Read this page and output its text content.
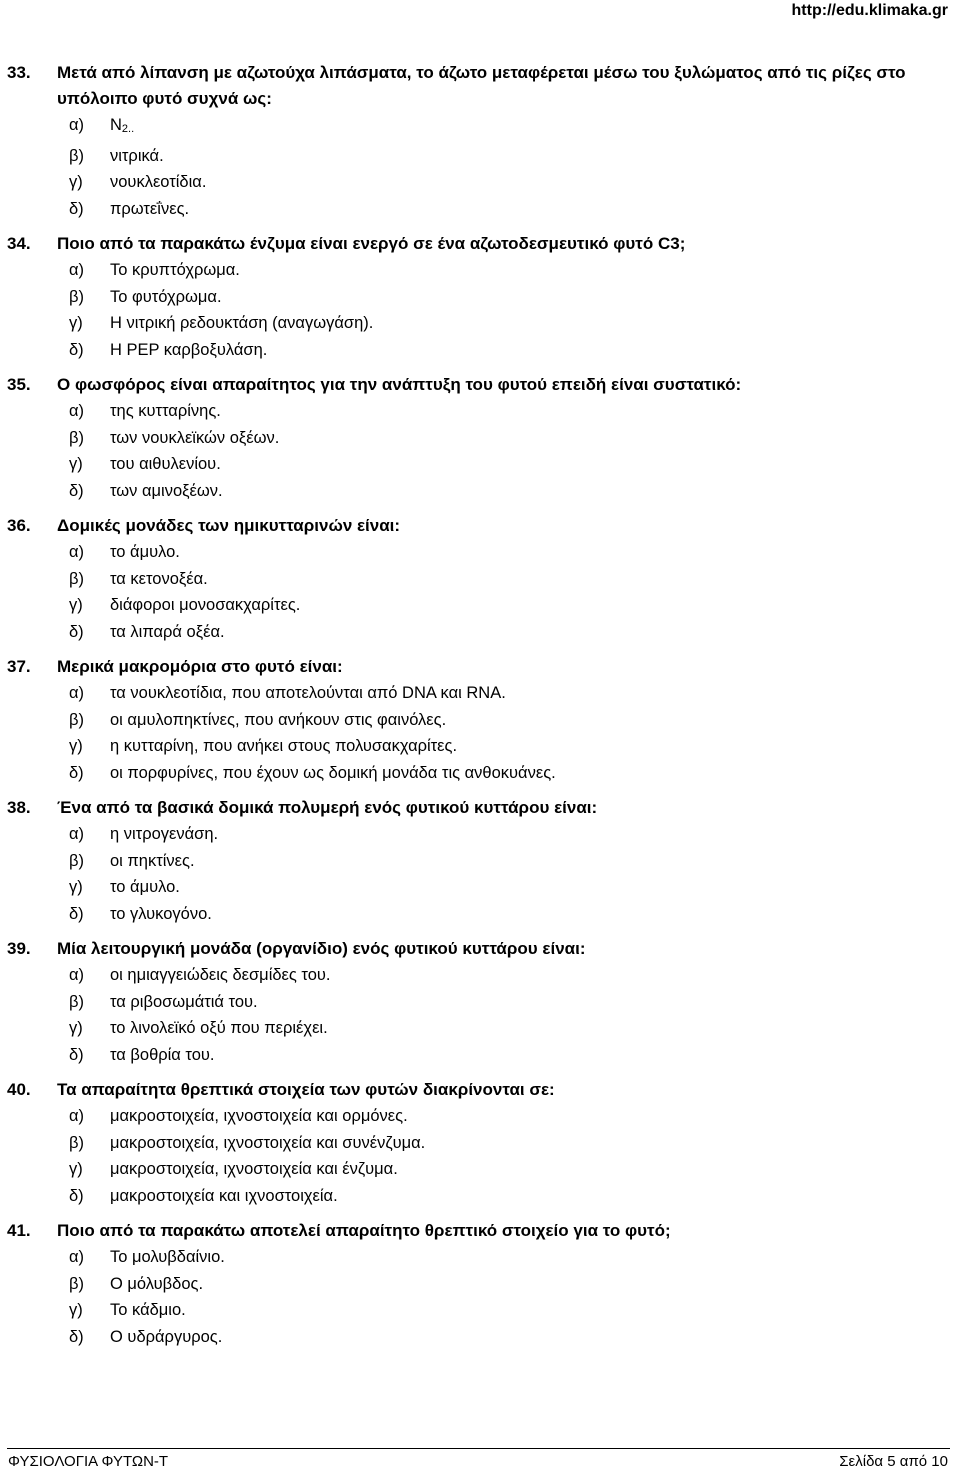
http://edu.klimaka.gr
33.	Μετά από λίπανση με αζωτούχα λιπάσματα, το άζωτο μεταφέρεται μέσω του ξυλώματος από τις ρίζες στο υπόλοιπο φυτό συχνά ως:
α)	N2..
β)	νιτρικά.
γ)	νουκλεοτίδια.
δ)	πρωτεΐνες.
34.	Ποιο από τα παρακάτω ένζυμα είναι ενεργό σε ένα αζωτοδεσμευτικό φυτό C3;
α)	Το κρυπτόχρωμα.
β)	Το φυτόχρωμα.
γ)	Η νιτρική ρεδουκτάση (αναγωγάση).
δ)	Η PEP καρβοξυλάση.
35.	Ο φωσφόρος είναι απαραίτητος για την ανάπτυξη του φυτού επειδή είναι συστατικό:
α)	της κυτταρίνης.
β)	των νουκλεϊκών οξέων.
γ)	του αιθυλενίου.
δ)	των αμινοξέων.
36.	Δομικές μονάδες των ημικυτταρινών είναι:
α)	το άμυλο.
β)	τα κετονοξέα.
γ)	διάφοροι μονοσακχαρίτες.
δ)	τα λιπαρά οξέα.
37.	Μερικά μακρομόρια στο φυτό είναι:
α)	τα νουκλεοτίδια, που αποτελούνται από DNA και RNA.
β)	οι αμυλοπηκτίνες, που ανήκουν στις φαινόλες.
γ)	η κυτταρίνη, που ανήκει στους πολυσακχαρίτες.
δ)	οι πορφυρίνες, που έχουν ως δομική μονάδα τις ανθοκυάνες.
38.	Ένα από τα βασικά δομικά πολυμερή ενός φυτικού κυττάρου είναι:
α)	η νιτρογενάση.
β)	οι πηκτίνες.
γ)	το άμυλο.
δ)	το γλυκογόνο.
39.	Μία λειτουργική μονάδα (οργανίδιο) ενός φυτικού κυττάρου είναι:
α)	οι ημιαγγειώδεις δεσμίδες του.
β)	τα ριβοσωμάτιά του.
γ)	το λινολεϊκό οξύ που περιέχει.
δ)	τα βοθρία του.
40.	Τα απαραίτητα θρεπτικά στοιχεία των φυτών διακρίνονται σε:
α)	μακροστοιχεία, ιχνοστοιχεία και ορμόνες.
β)	μακροστοιχεία, ιχνοστοιχεία και συνένζυμα.
γ)	μακροστοιχεία, ιχνοστοιχεία και ένζυμα.
δ)	μακροστοιχεία και ιχνοστοιχεία.
41.	Ποιο από τα παρακάτω αποτελεί απαραίτητο θρεπτικό στοιχείο για το φυτό;
α)	Το μολυβδαίνιο.
β)	Ο μόλυβδος.
γ)	Το κάδμιο.
δ)	Ο υδράργυρος.
ΦΥΣΙΟΛΟΓΙΑ ΦΥΤΩΝ-Τ	Σελίδα 5 από 10
